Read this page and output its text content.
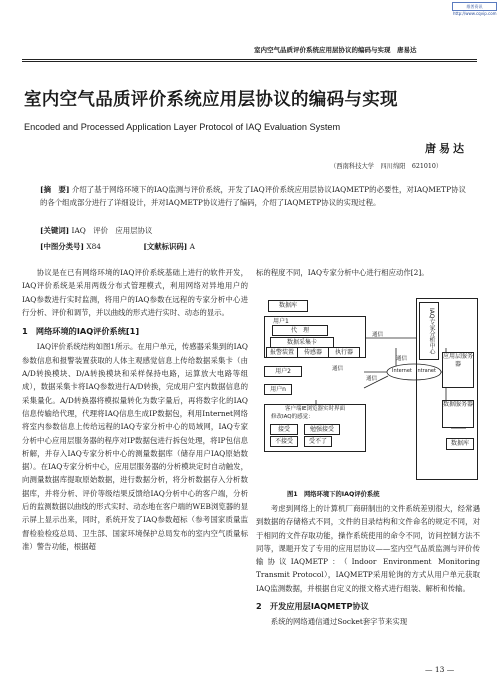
维普资讯 http://www.cqvip.com
室内空气品质评价系统应用层协议的编码与实现　唐易达
室内空气品质评价系统应用层协议的编码与实现
Encoded and Processed Application Layer Protocol of IAQ Evaluation System
唐易达
（西南科技大学　四川绵阳　621010）
[摘　要] 介绍了基于网络环境下的IAQ监测与评价系统，开发了IAQ评价系统应用层协议IAQMETP的必要性，对IAQMETP协议的各个组成部分进行了详细设计，并对IAQMETP协议进行了编码，介绍了IAQMETP协议的实现过程。
[关键词] IAQ　评价　应用层协议
[中图分类号] X84	[文献标识码] A

协议是在已有网络环境的IAQ评价系统基础上进行的软件开发，IAQ评价系统是采用两级分布式管理模式，利用网络对异地用户的IAQ参数进行实时监测，将用户的IAQ参数在远程的专家分析中心进行分析、评价和调节，并以曲线的形式进行实时、动态的显示。

1　网络环境的IAQ评价系统[1]

IAQ评价系统结构如图1所示。在用户单元，传感器采集到的IAQ参数信息和报警装置获取的人体主观感觉信息上传给数据采集卡（由A/D转换模块、D/A转换模块和采样保持电路，运算放大电路等组成），数据采集卡将IAQ参数进行A/D转换，完成用户室内数据信息的采集量化。A/D转换器将模拟量转化为数字量后，再将数字化的IAQ信息传输给代理，代理将IAQ信息生成IP数据包，利用Internet网络将室内参数信息上传给远程的IAQ专家分析中心的局域网，IAQ专家分析中心应用层服务器的程序对IP数据包进行拆包处理，将IP包信息析解，并存入IAQ专家分析中心的测量数据库（储存用户IAQ原始数据）。在IAQ专家分析中心，应用层服务器的分析模块定时自动触发，向测量数据库提取原始数据，进行数据分析，将分析数据存入分析数据库，并将分析、评价等级结果反馈给IAQ分析中心的客户端，分析后的监测数据以曲线的形式实时、动态地在客户端的WEB浏览器的显示屏上显示出来，同时，系统开发了IAQ参数超标（参考国家质量监督检验检疫总局、卫生部、国家环境保护总局发布的室内空气质量标准）警告功能，根据超

标的程度不同，IAQ专家分析中心进行相应动作[2]。

数据库
用户1
代　理
数据采集卡
报警装置	传感器	执行器
通信
通信
用户2	通信
用户n
通信
Internet Intranet
IAQ专家分析中心
应用层服务器
数据服务器
数据库
客户端IE浏览器实时界面
修改IAQ的感觉：
接受	勉强接受
不接受	受不了
图1　网络环境下的IAQ评价系统

考虑到网络上的计算机厂商研制出的文件系统差别很大，经常遇到数据的存储格式不同，文件的目录结构和文件命名的规定不同，对于相同的文件存取功能，操作系统使用的命令不同，访问控制方法不同等，课题开发了专用的应用层协议——室内空气品质监测与评价传输协议IAQMETP：（Indoor Environment Monitoring Transmit Protocol），IAQMETP采用轮询的方式从用户单元获取IAQ监测数据，并根据自定义的报文格式进行组装、解析和传输。

2　开发应用层IAQMETP协议

系统的网络通信通过Socket套字节来实现

— 13 —
